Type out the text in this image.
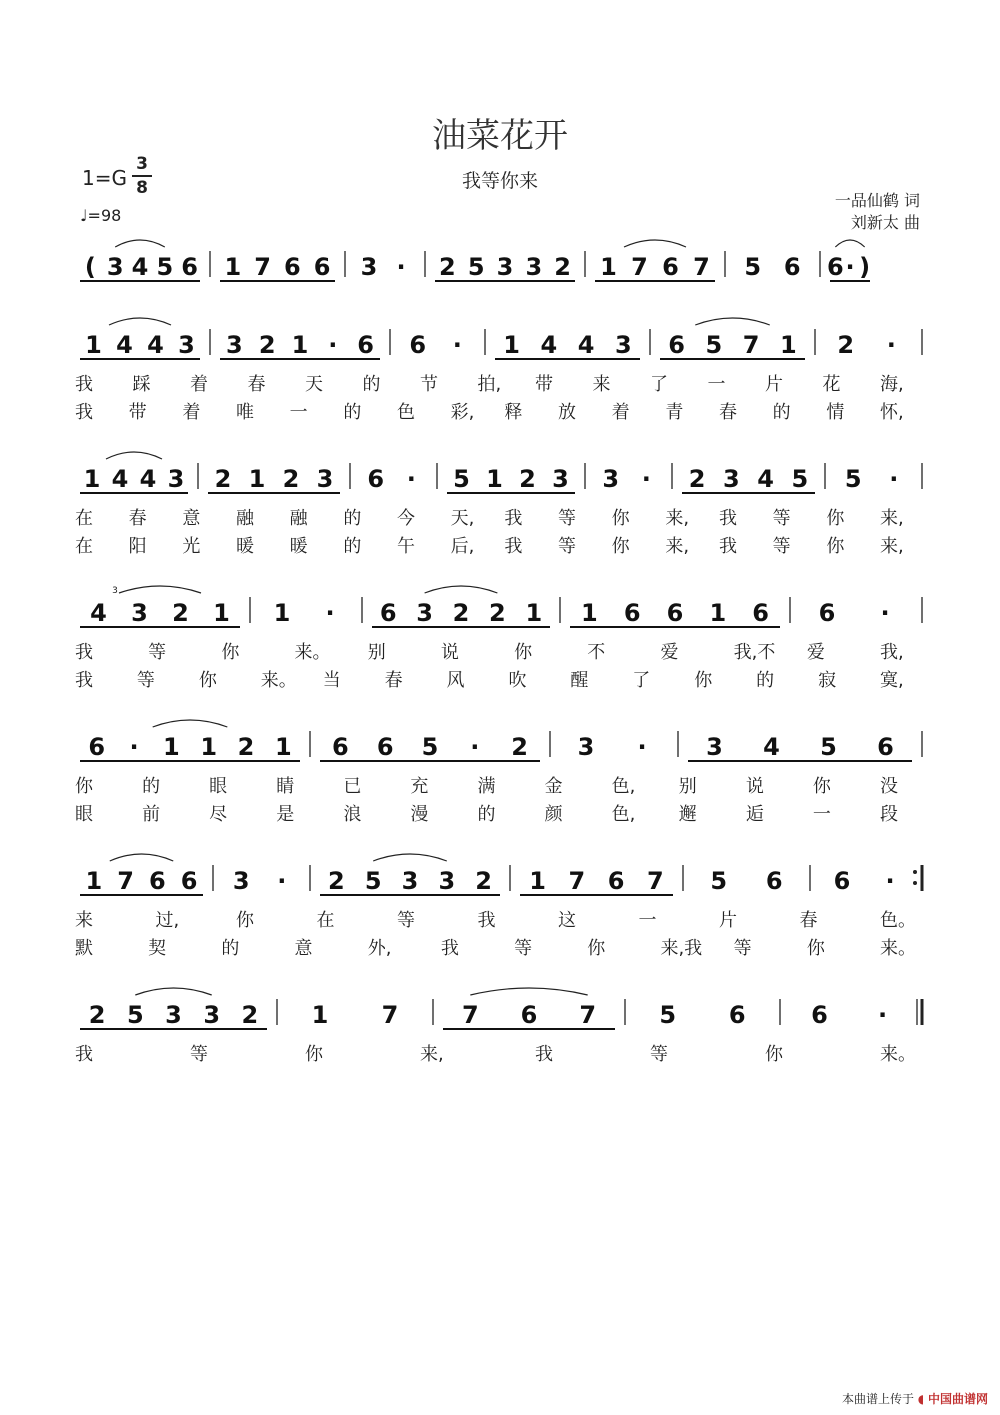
油菜花开
我等你来
1=G
3
8
♩=98
一品仙鹤 词
刘新太 曲
( 3 4 5 6 1 7 6 6 3 · 2 5 3 3 2 1 7 6 7 5 6 6 · )
1 4 4 3 3 2 1 · 6 6 · 1 4 4 3 6 5 7 1 2 ·
我 踩 着 春 天 的 节 拍, 带 来 了 一 片 花 海,
我 带 着 唯 一 的 色 彩, 释 放 着 青 春 的 情 怀,
1 4 4 3 2 1 2 3 6 · 5 1 2 3 3 · 2 3 4 5 5 ·
在 春 意 融 融 的 今 天, 我 等 你 来, 我 等 你 来,
在 阳 光 暖 暖 的 午 后, 我 等 你 来, 我 等 你 来,
4 3 2 1 1 · 6 3 2 2 1 1 6 6 1 6 6 ·
我	等	你	来。 别	说	你	不	爱	我,不 爱	我,
我 等 你 来。 当 春 风 吹 醒 了 你 的 寂 寞,
6 · 1 1 2 1 6 6 5 · 2 3 · 3 4 5 6
你	的	眼	睛	已	充	满	金	色, 别	说	你	没
眼	前	尽	是	浪	漫	的	颜	色, 邂	逅	一	段
1 7 6 6 3 · 2 5 3 3 2 1 7 6 7 5 6 6 ·
来	过,	你	在	等	我	这	一	片	春	色。
默	契	的	意	外,	我	等	你	来,我 等	你	来。
2 5 3 3 2 1 7	7 6 7	5 6	6 ·
我	等	你	来,	我	等	你	来。
3
本曲谱上传于 ◖ 中国曲谱网
